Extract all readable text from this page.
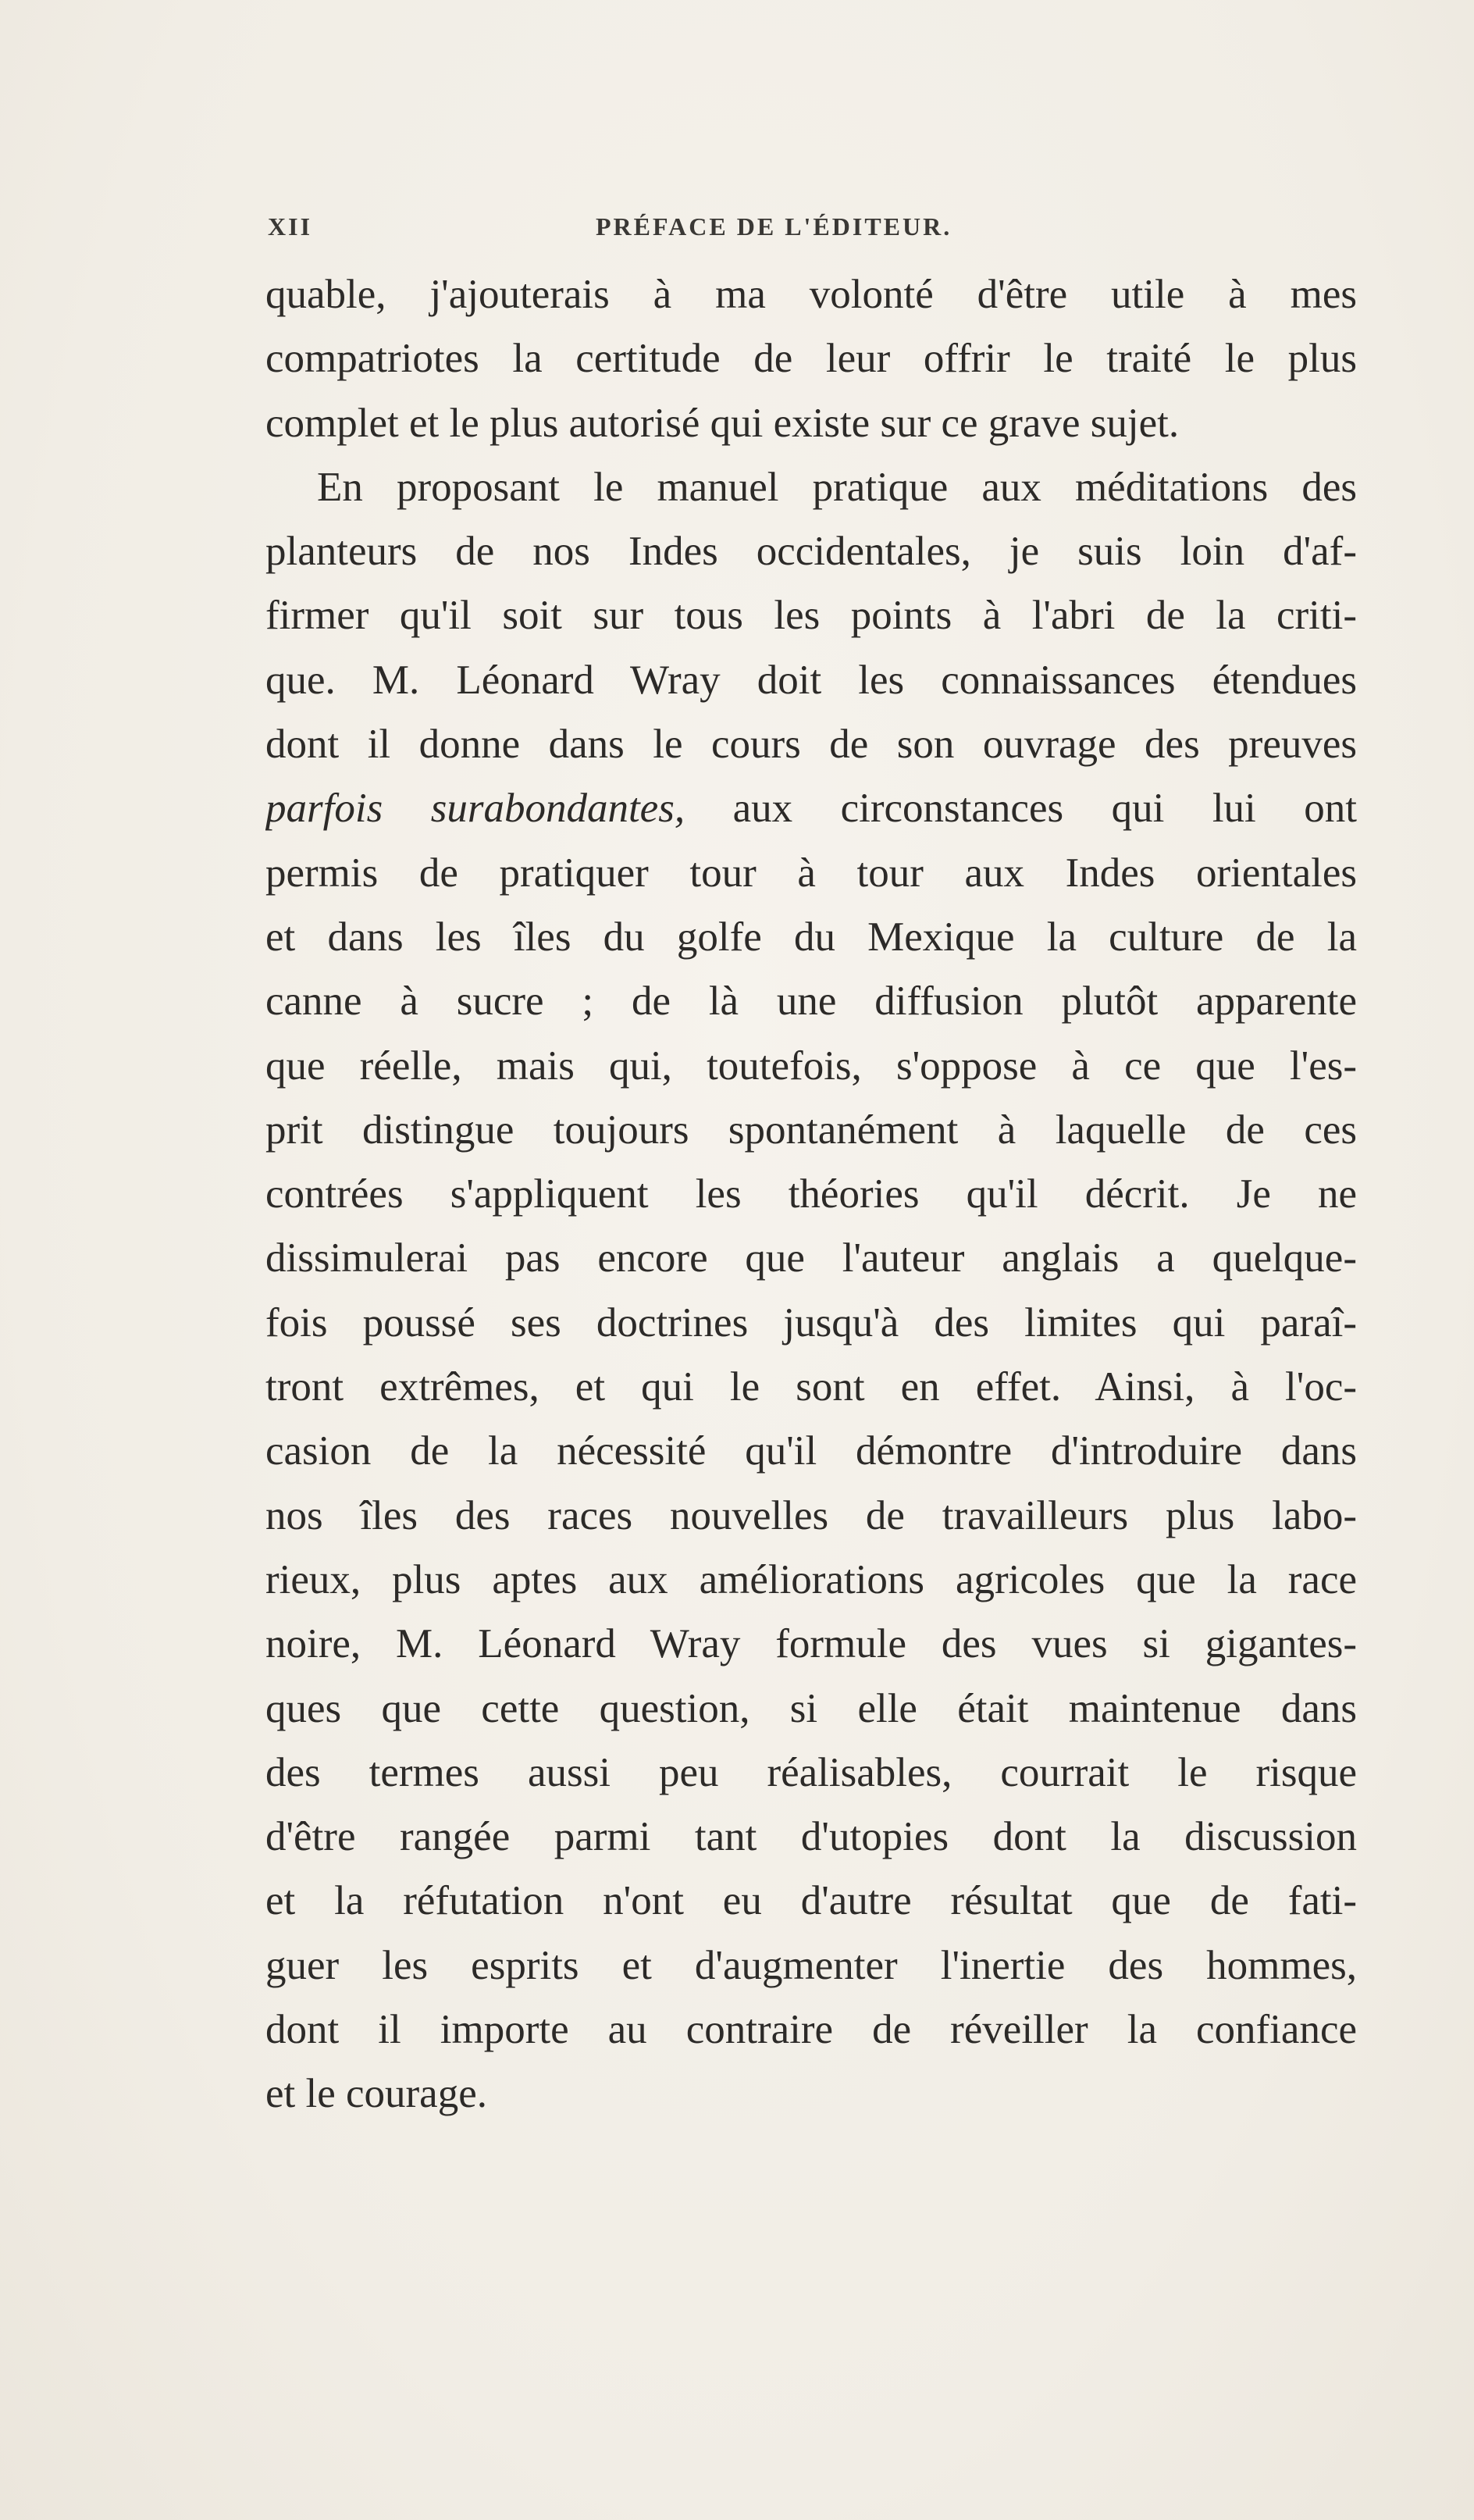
XII	PRÉFACE DE L'ÉDITEUR.
quable, j'ajouterais à ma volonté d'être utile à mes
compatriotes la certitude de leur offrir le traité le plus
complet et le plus autorisé qui existe sur ce grave sujet.
En proposant le manuel pratique aux méditations des
planteurs de nos Indes occidentales, je suis loin d'af-
firmer qu'il soit sur tous les points à l'abri de la criti-
que. M. Léonard Wray doit les connaissances étendues
dont il donne dans le cours de son ouvrage des preuves
parfois surabondantes, aux circonstances qui lui ont
permis de pratiquer tour à tour aux Indes orientales
et dans les îles du golfe du Mexique la culture de la
canne à sucre ; de là une diffusion plutôt apparente
que réelle, mais qui, toutefois, s'oppose à ce que l'es-
prit distingue toujours spontanément à laquelle de ces
contrées s'appliquent les théories qu'il décrit. Je ne
dissimulerai pas encore que l'auteur anglais a quelque-
fois poussé ses doctrines jusqu'à des limites qui paraî-
tront extrêmes, et qui le sont en effet. Ainsi, à l'oc-
casion de la nécessité qu'il démontre d'introduire dans
nos îles des races nouvelles de travailleurs plus labo-
rieux, plus aptes aux améliorations agricoles que la race
noire, M. Léonard Wray formule des vues si gigantes-
ques que cette question, si elle était maintenue dans
des termes aussi peu réalisables, courrait le risque
d'être rangée parmi tant d'utopies dont la discussion
et la réfutation n'ont eu d'autre résultat que de fati-
guer les esprits et d'augmenter l'inertie des hommes,
dont il importe au contraire de réveiller la confiance
et le courage.
